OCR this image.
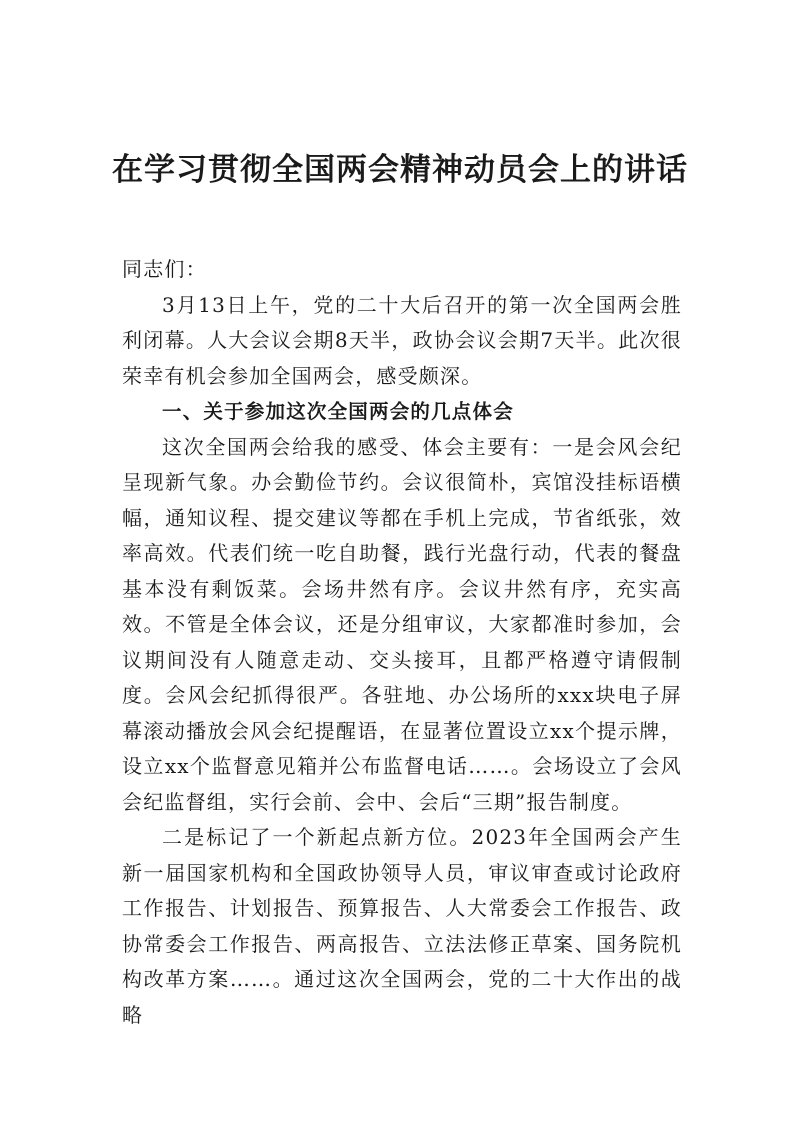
在学习贯彻全国两会精神动员会上的讲话

同志们：

3月13日上午，党的二十大后召开的第一次全国两会胜利闭幕。人大会议会期8天半，政协会议会期7天半。此次很荣幸有机会参加全国两会，感受颇深。

一、关于参加这次全国两会的几点体会

这次全国两会给我的感受、体会主要有：一是会风会纪呈现新气象。办会勤俭节约。会议很简朴，宾馆没挂标语横幅，通知议程、提交建议等都在手机上完成，节省纸张，效率高效。代表们统一吃自助餐，践行光盘行动，代表的餐盘基本没有剩饭菜。会场井然有序。会议井然有序，充实高效。不管是全体会议，还是分组审议，大家都准时参加，会议期间没有人随意走动、交头接耳，且都严格遵守请假制度。会风会纪抓得很严。各驻地、办公场所的xxx块电子屏幕滚动播放会风会纪提醒语，在显著位置设立xx个提示牌，设立xx个监督意见箱并公布监督电话……。会场设立了会风会纪监督组，实行会前、会中、会后“三期”报告制度。

二是标记了一个新起点新方位。2023年全国两会产生新一届国家机构和全国政协领导人员，审议审查或讨论政府工作报告、计划报告、预算报告、人大常委会工作报告、政协常委会工作报告、两高报告、立法法修正草案、国务院机构改革方案……。通过这次全国两会，党的二十大作出的战略
